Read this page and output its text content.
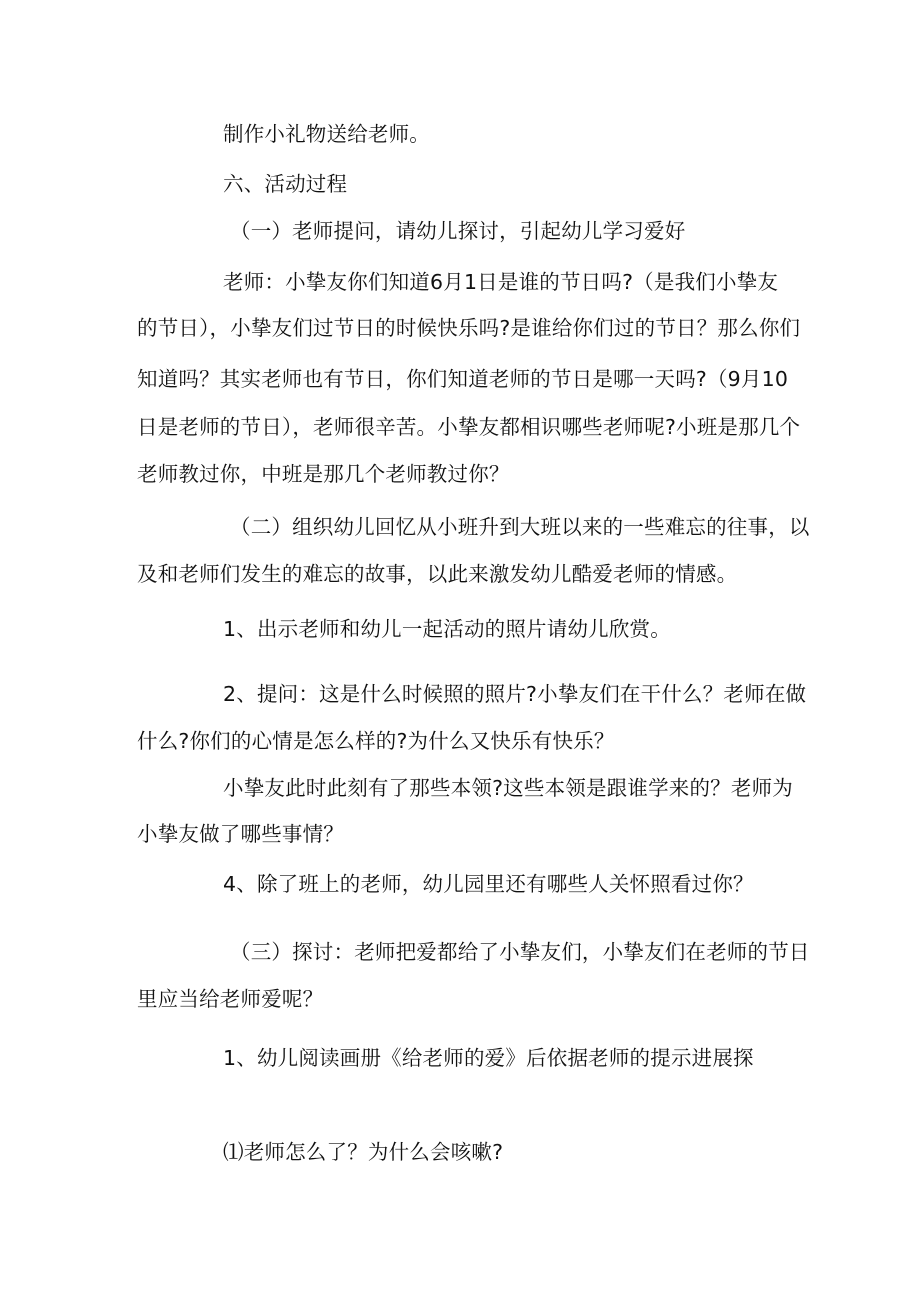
制作小礼物送给老师。
六、活动过程
（一）老师提问，请幼儿探讨，引起幼儿学习爱好
老师：小挚友你们知道6月1日是谁的节日吗?（是我们小挚友
的节日），小挚友们过节日的时候快乐吗?是谁给你们过的节日？那么你们
知道吗？其实老师也有节日，你们知道老师的节日是哪一天吗?（9月10
日是老师的节日），老师很辛苦。小挚友都相识哪些老师呢?小班是那几个
老师教过你，中班是那几个老师教过你？
（二）组织幼儿回忆从小班升到大班以来的一些难忘的往事，以
及和老师们发生的难忘的故事，以此来激发幼儿酷爱老师的情感。
1、出示老师和幼儿一起活动的照片请幼儿欣赏。
2、提问：这是什么时候照的照片?小挚友们在干什么？老师在做
什么?你们的心情是怎么样的?为什么又快乐有快乐？
小挚友此时此刻有了那些本领?这些本领是跟谁学来的？老师为
小挚友做了哪些事情？
4、除了班上的老师，幼儿园里还有哪些人关怀照看过你？
（三）探讨：老师把爱都给了小挚友们，小挚友们在老师的节日
里应当给老师爱呢？
1、幼儿阅读画册《给老师的爱》后依据老师的提示进展探
⑴老师怎么了？为什么会咳嗽?
